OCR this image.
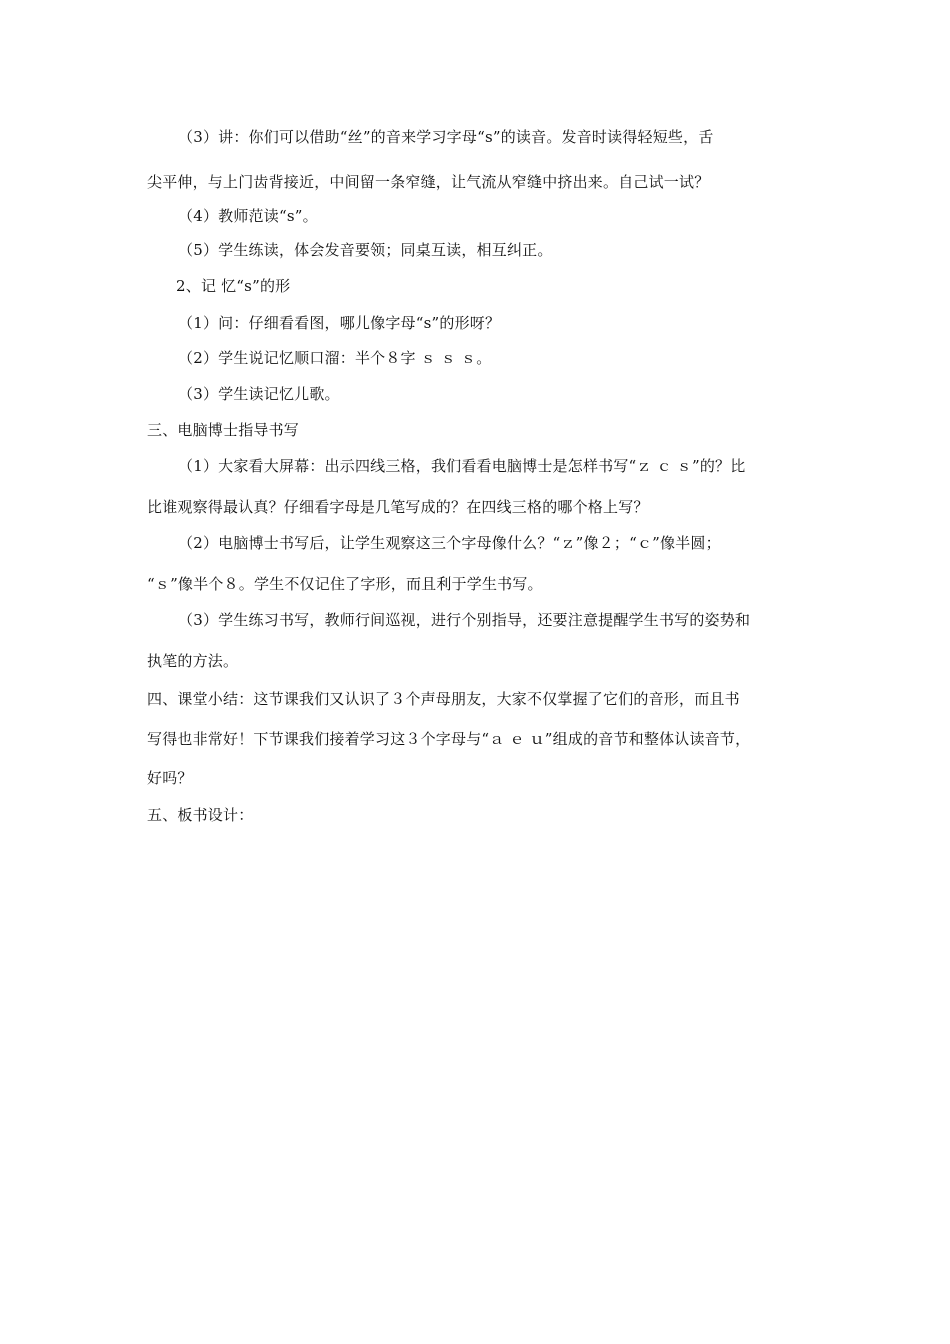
（3）讲：你们可以借助“丝”的音来学习字母“s”的读音。发音时读得轻短些，舌
尖平伸，与上门齿背接近，中间留一条窄缝，让气流从窄缝中挤出来。自己试一试？
（4）教师范读“s”。
（5）学生练读，体会发音要领；同桌互读，相互纠正。
2、记 忆“s”的形
（1）问：仔细看看图，哪儿像字母“s”的形呀？
（2）学生说记忆顺口溜：半个８字 ｓ ｓ ｓ。
（3）学生读记忆儿歌。
三、电脑博士指导书写
（1）大家看大屏幕：出示四线三格，我们看看电脑博士是怎样书写“ｚ ｃ ｓ”的？比
比谁观察得最认真？仔细看字母是几笔写成的？在四线三格的哪个格上写？
（2）电脑博士书写后，让学生观察这三个字母像什么？“ｚ”像２；“ｃ”像半圆；
“ｓ”像半个８。学生不仅记住了字形，而且利于学生书写。
（3）学生练习书写，教师行间巡视，进行个别指导，还要注意提醒学生书写的姿势和
执笔的方法。
四、课堂小结：这节课我们又认识了３个声母朋友，大家不仅掌握了它们的音形，而且书
写得也非常好！下节课我们接着学习这３个字母与“ａ ｅ ｕ”组成的音节和整体认读音节，
好吗？
五、板书设计：
